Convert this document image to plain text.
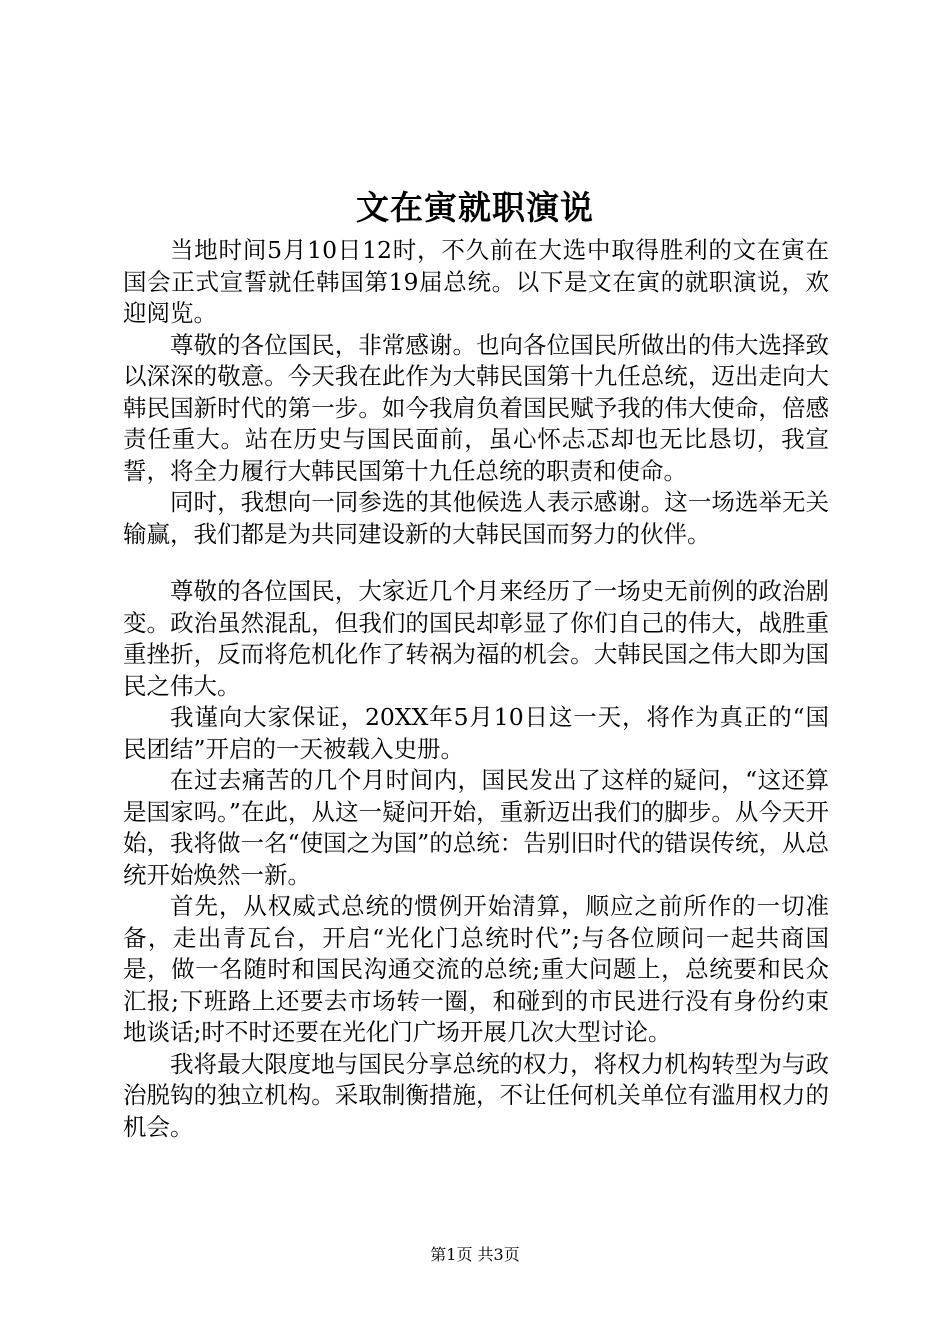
文在寅就职演说

当地时间5月10日12时，不久前在大选中取得胜利的文在寅在国会正式宣誓就任韩国第19届总统。以下是文在寅的就职演说，欢迎阅览。

尊敬的各位国民，非常感谢。也向各位国民所做出的伟大选择致以深深的敬意。今天我在此作为大韩民国第十九任总统，迈出走向大韩民国新时代的第一步。如今我肩负着国民赋予我的伟大使命，倍感责任重大。站在历史与国民面前，虽心怀忐忑却也无比恳切，我宣誓，将全力履行大韩民国第十九任总统的职责和使命。

同时，我想向一同参选的其他候选人表示感谢。这一场选举无关输赢，我们都是为共同建设新的大韩民国而努力的伙伴。

尊敬的各位国民，大家近几个月来经历了一场史无前例的政治剧变。政治虽然混乱，但我们的国民却彰显了你们自己的伟大，战胜重重挫折，反而将危机化作了转祸为福的机会。大韩民国之伟大即为国民之伟大。

我谨向大家保证，20XX年5月10日这一天，将作为真正的“国民团结”开启的一天被载入史册。

在过去痛苦的几个月时间内，国民发出了这样的疑问，“这还算是国家吗。”在此，从这一疑问开始，重新迈出我们的脚步。从今天开始，我将做一名“使国之为国”的总统：告别旧时代的错误传统，从总统开始焕然一新。

首先，从权威式总统的惯例开始清算，顺应之前所作的一切准备，走出青瓦台，开启“光化门总统时代”;与各位顾问一起共商国是，做一名随时和国民沟通交流的总统;重大问题上，总统要和民众汇报;下班路上还要去市场转一圈，和碰到的市民进行没有身份约束地谈话;时不时还要在光化门广场开展几次大型讨论。

我将最大限度地与国民分享总统的权力，将权力机构转型为与政治脱钩的独立机构。采取制衡措施，不让任何机关单位有滥用权力的机会。

第1页 共3页
